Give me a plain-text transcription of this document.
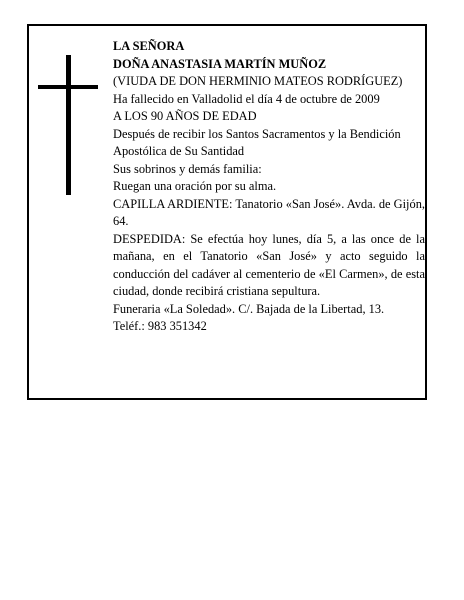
LA SEÑORA

DOÑA ANASTASIA MARTÍN MUÑOZ

(VIUDA DE DON HERMINIO MATEOS RODRÍGUEZ)

Ha fallecido en Valladolid el día 4 de octubre de 2009

A LOS 90 AÑOS DE EDAD

Después de recibir los Santos Sacramentos y la Bendición Apostólica de Su Santidad

Sus sobrinos y demás familia:

Ruegan una oración por su alma.

CAPILLA ARDIENTE: Tanatorio «San José». Avda. de Gijón, 64.

DESPEDIDA: Se efectúa hoy lunes, día 5, a las once de la mañana, en el Tanatorio «San José» y acto seguido la conducción del cadáver al cementerio de «El Carmen», de esta ciudad, donde recibirá cristiana sepultura.

Funeraria «La Soledad». C/. Bajada de la Libertad, 13.

Teléf.: 983 351342
